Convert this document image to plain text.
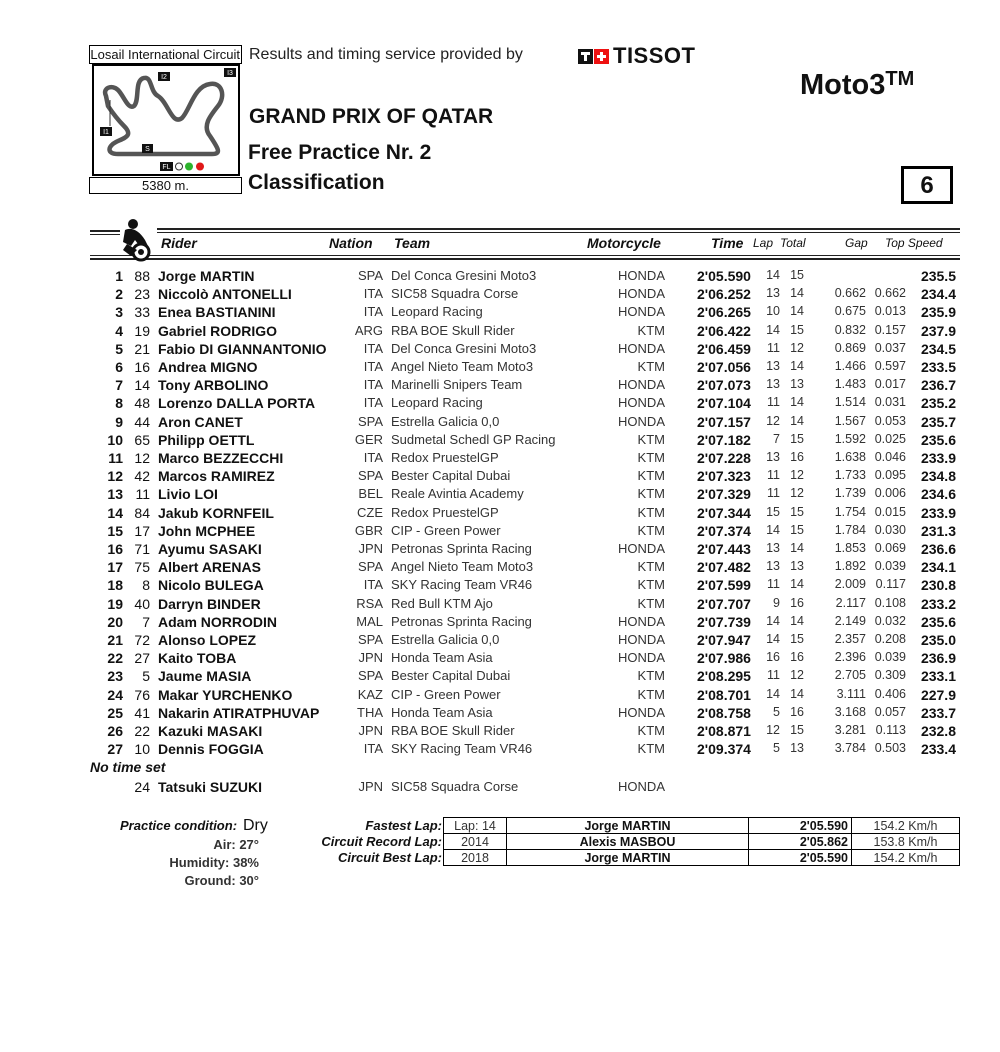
Losail International Circuit
I1
I2
I3
S
FL
5380 m.
Results and timing service provided by	TISSOT
Moto3™
GRAND PRIX OF QATAR
Free Practice Nr. 2
Classification	6
Rider	Nation Team	Motorcycle	Time Lap Total	Gap Top Speed
1 88 Jorge MARTIN	SPA Del Conca Gresini Moto3	HONDA 2'05.590	14 15	235.5
2 23 Niccolò ANTONELLI	ITA SIC58 Squadra Corse	HONDA 2'06.252	13 14	0.662 0.662	234.4
3 33 Enea BASTIANINI	ITA Leopard Racing	HONDA 2'06.265	10 14	0.675 0.013	235.9
4 19 Gabriel RODRIGO	ARG RBA BOE Skull Rider	KTM 2'06.422	14 15	0.832 0.157	237.9
5 21 Fabio DI GIANNANTONIO	ITA Del Conca Gresini Moto3	HONDA 2'06.459	11 12	0.869 0.037	234.5
6 16 Andrea MIGNO	ITA Angel Nieto Team Moto3	KTM 2'07.056	13 14	1.466 0.597	233.5
7 14 Tony ARBOLINO	ITA Marinelli Snipers Team	HONDA 2'07.073	13 13	1.483 0.017	236.7
8 48 Lorenzo DALLA PORTA	ITA Leopard Racing	HONDA 2'07.104	11 14	1.514 0.031	235.2
9 44 Aron CANET	SPA Estrella Galicia 0,0	HONDA 2'07.157	12 14	1.567 0.053	235.7
10 65 Philipp OETTL	GER Sudmetal Schedl GP Racing	KTM 2'07.182	7 15	1.592 0.025	235.6
11 12 Marco BEZZECCHI	ITA Redox PruestelGP	KTM 2'07.228	13 16	1.638 0.046	233.9
12 42 Marcos RAMIREZ	SPA Bester Capital Dubai	KTM 2'07.323	11 12	1.733 0.095	234.8
13 11 Livio LOI	BEL Reale Avintia Academy	KTM 2'07.329	11 12	1.739 0.006	234.6
14 84 Jakub KORNFEIL	CZE Redox PruestelGP	KTM 2'07.344	15 15	1.754 0.015	233.9
15 17 John MCPHEE	GBR CIP - Green Power	KTM 2'07.374	14 15	1.784 0.030	231.3
16 71 Ayumu SASAKI	JPN Petronas Sprinta Racing	HONDA 2'07.443	13 14	1.853 0.069	236.6
17 75 Albert ARENAS	SPA Angel Nieto Team Moto3	KTM 2'07.482	13 13	1.892 0.039	234.1
18	8 Nicolo BULEGA	ITA SKY Racing Team VR46	KTM 2'07.599	11 14	2.009 0.117	230.8
19 40 Darryn BINDER	RSA Red Bull KTM Ajo	KTM 2'07.707	9 16	2.117 0.108	233.2
20	7 Adam NORRODIN	MAL Petronas Sprinta Racing	HONDA 2'07.739	14 14	2.149 0.032	235.6
21 72 Alonso LOPEZ	SPA Estrella Galicia 0,0	HONDA 2'07.947	14 15	2.357 0.208	235.0
22 27 Kaito TOBA	JPN Honda Team Asia	HONDA 2'07.986	16 16	2.396 0.039	236.9
23	5 Jaume MASIA	SPA Bester Capital Dubai	KTM 2'08.295	11 12	2.705 0.309	233.1
24 76 Makar YURCHENKO	KAZ CIP - Green Power	KTM 2'08.701	14 14	3.111 0.406	227.9
25 41 Nakarin ATIRATPHUVAP	THA Honda Team Asia	HONDA 2'08.758	5 16	3.168 0.057	233.7
26 22 Kazuki MASAKI	JPN RBA BOE Skull Rider	KTM 2'08.871	12 15	3.281 0.113	232.8
27 10 Dennis FOGGIA	ITA SKY Racing Team VR46	KTM 2'09.374	5 13	3.784 0.503	233.4
No time set
24 Tatsuki SUZUKI	JPN SIC58 Squadra Corse	HONDA
Practice condition: Dry
Air: 27°
Humidity: 38%
Ground: 30°
Fastest Lap:
Circuit Record Lap:
Circuit Best Lap:
Lap: 14	Jorge MARTIN	2'05.590	154.2 Km/h
2014	Alexis MASBOU	2'05.862	153.8 Km/h
2018	Jorge MARTIN	2'05.590	154.2 Km/h
